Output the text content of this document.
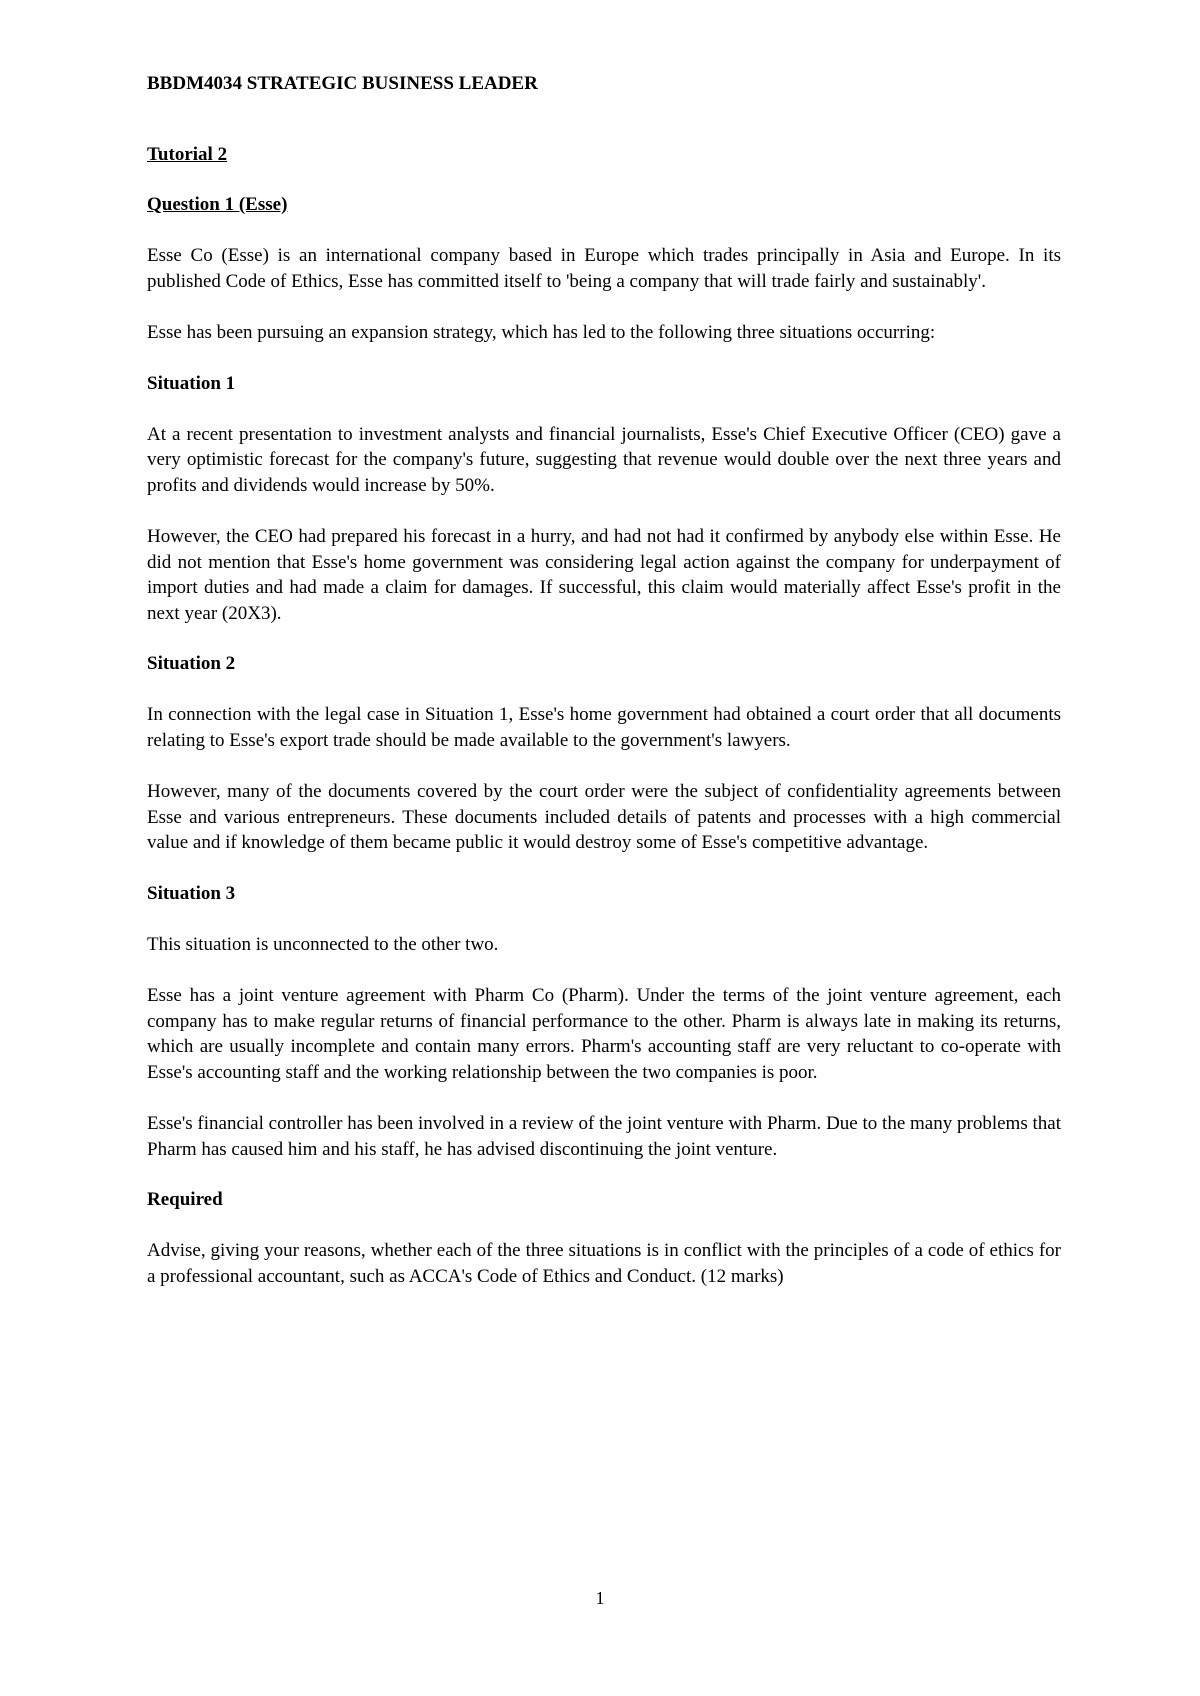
BBDM4034 STRATEGIC BUSINESS LEADER
Tutorial 2
Question 1 (Esse)

Esse Co (Esse) is an international company based in Europe which trades principally in Asia and Europe. In its published Code of Ethics, Esse has committed itself to 'being a company that will trade fairly and sustainably'.

Esse has been pursuing an expansion strategy, which has led to the following three situations occurring:

Situation 1

At a recent presentation to investment analysts and financial journalists, Esse's Chief Executive Officer (CEO) gave a very optimistic forecast for the company's future, suggesting that revenue would double over the next three years and profits and dividends would increase by 50%.

However, the CEO had prepared his forecast in a hurry, and had not had it confirmed by anybody else within Esse. He did not mention that Esse's home government was considering legal action against the company for underpayment of import duties and had made a claim for damages. If successful, this claim would materially affect Esse's profit in the next year (20X3).

Situation 2

In connection with the legal case in Situation 1, Esse's home government had obtained a court order that all documents relating to Esse's export trade should be made available to the government's lawyers.

However, many of the documents covered by the court order were the subject of confidentiality agreements between Esse and various entrepreneurs. These documents included details of patents and processes with a high commercial value and if knowledge of them became public it would destroy some of Esse's competitive advantage.

Situation 3

This situation is unconnected to the other two.

Esse has a joint venture agreement with Pharm Co (Pharm). Under the terms of the joint venture agreement, each company has to make regular returns of financial performance to the other. Pharm is always late in making its returns, which are usually incomplete and contain many errors. Pharm's accounting staff are very reluctant to co-operate with Esse's accounting staff and the working relationship between the two companies is poor.

Esse's financial controller has been involved in a review of the joint venture with Pharm. Due to the many problems that Pharm has caused him and his staff, he has advised discontinuing the joint venture.

Required

Advise, giving your reasons, whether each of the three situations is in conflict with the principles of a code of ethics for a professional accountant, such as ACCA's Code of Ethics and Conduct. (12 marks)

1
